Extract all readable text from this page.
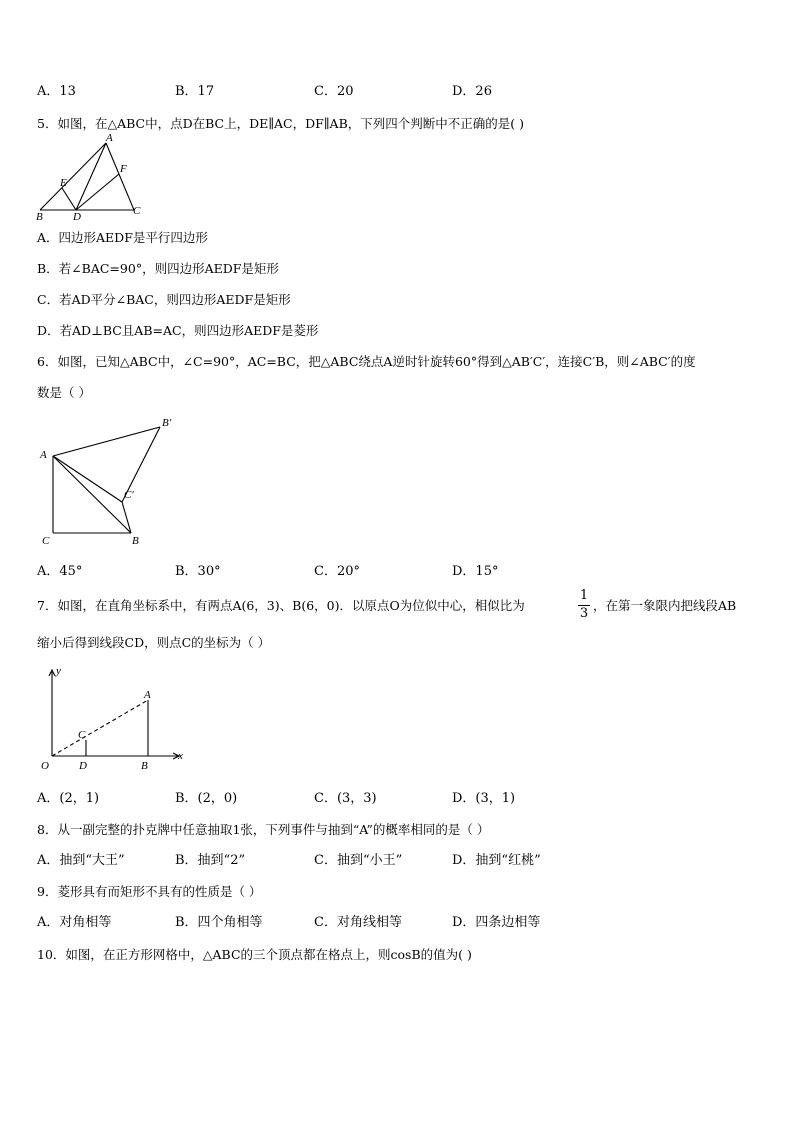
A．13	B．17	C．20	D．26
5．如图，在△ABC中，点D在BC上，DE∥AC，DF∥AB，下列四个判断中不正确的是( )
A
F
E
B	D	C
A．四边形AEDF是平行四边形
B．若∠BAC=90°，则四边形AEDF是矩形
C．若AD平分∠BAC，则四边形AEDF是矩形
D．若AD⊥BC且AB=AC，则四边形AEDF是菱形
6．如图，已知△ABC中，∠C=90°，AC=BC，把△ABC绕点A逆时针旋转60°得到△AB′C′，连接C′B，则∠ABC′的度
数是（ ）
A
B′
C′
C	B
A．45°	B．30°	C．20°	D．15°
7．如图，在直角坐标系中，有两点A(6，3)、B(6，0)．以原点O为位似中心，相似比为
1
3
，在第一象限内把线段AB
缩小后得到线段CD，则点C的坐标为（ ）
y
x
A
C
O	D	B
A．(2，1)	B．(2，0)	C．(3，3)	D．(3，1)
8．从一副完整的扑克牌中任意抽取1张，下列事件与抽到“A”的概率相同的是（ ）
A．抽到“大王”	B．抽到“2”	C．抽到“小王”	D．抽到“红桃”
9．菱形具有而矩形不具有的性质是（ ）
A．对角相等	B．四个角相等	C．对角线相等	D．四条边相等
10．如图，在正方形网格中，△ABC的三个顶点都在格点上，则cosB的值为( )
